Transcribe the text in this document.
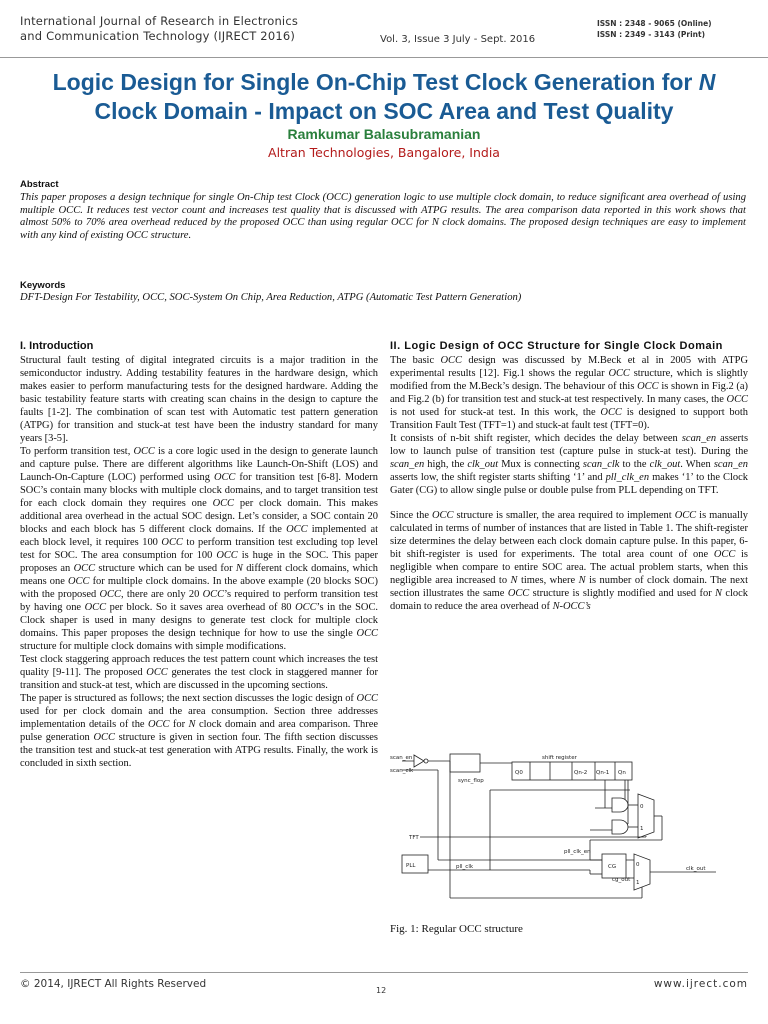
International Journal of Research in Electronics
and Communication Technology (IJRECT 2016)	Vol. 3, Issue 3 July - Sept. 2016
ISSN : 2348 - 9065 (Online)
ISSN : 2349 - 3143 (Print)
Logic Design for Single On-Chip Test Clock Generation for N
Clock Domain - Impact on SOC Area and Test Quality
Ramkumar Balasubramanian
Altran Technologies, Bangalore, India
Abstract
This paper proposes a design technique for single On-Chip test Clock (OCC) generation logic to use multiple clock domain, to reduce significant area overhead of using multiple OCC. It reduces test vector count and increases test quality that is discussed with ATPG results. The area comparison data reported in this work shows that almost 50% to 70% area overhead reduced by the proposed OCC than using regular OCC for N clock domains. The proposed design techniques are easy to implement with any kind of existing OCC structure.
Keywords
DFT-Design For Testability, OCC, SOC-System On Chip, Area Reduction, ATPG (Automatic Test Pattern Generation)
I. Introduction

Structural fault testing of digital integrated circuits is a major tradition in the semiconductor industry. Adding testability features in the hardware design, which makes easier to perform manufacturing tests for the designed hardware. Adding the basic testability feature starts with creating scan chains in the design to capture the faults [1-2]. The combination of scan test with Automatic test pattern generation (ATPG) for transition and stuck-at test have been the industry standard for many years [3-5].

To perform transition test, OCC is a core logic used in the design to generate launch and capture pulse. There are different algorithms like Launch-On-Shift (LOS) and Launch-On-Capture (LOC) performed using OCC for transition test [6-8]. Modern SOC’s contain many blocks with multiple clock domains, and to target transition test for each clock domain they requires one OCC per clock domain. This makes additional area overhead in the actual SOC design. Let’s consider, a SOC contain 20 blocks and each block has 5 different clock domains. If the OCC implemented at each block level, it requires 100 OCC to perform transition test excluding top level test for SOC. The area consumption for 100 OCC is huge in the SOC. This paper proposes an OCC structure which can be used for N different clock domains, which means one OCC for multiple clock domains. In the above example (20 blocks SOC) with the proposed OCC, there are only 20 OCC’s required to perform transition test by having one OCC per block. So it saves area overhead of 80 OCC’s in the SOC. Clock shaper is used in many designs to generate test clock for multiple clock domains. This paper proposes the design technique for how to use the single OCC structure for multiple clock domains with simple modifications.

Test clock staggering approach reduces the test pattern count which increases the test quality [9-11]. The proposed OCC generates the test clock in staggered manner for transition and stuck-at test, which are discussed in the upcoming sections.

The paper is structured as follows; the next section discusses the logic design of OCC used for per clock domain and the area consumption. Section three addresses implementation details of the OCC for N clock domain and area comparison. Three pulse generation OCC structure is given in section four. The fifth section discusses the transition test and stuck-at test generation with ATPG results. Finally, the work is concluded in sixth section.

II. Logic Design of OCC Structure for Single Clock Domain

The basic OCC design was discussed by M.Beck et al in 2005 with ATPG experimental results [12]. Fig.1 shows the regular OCC structure, which is slightly modified from the M.Beck’s design. The behaviour of this OCC is shown in Fig.2 (a) and Fig.2 (b) for transition test and stuck-at test respectively. In many cases, the OCC is not used for stuck-at test. In this work, the OCC is designed to support both Transition Fault Test (TFT=1) and stuck-at fault test (TFT=0).

It consists of n-bit shift register, which decides the delay between scan_en asserts low to launch pulse of transition test (capture pulse in stuck-at test). During the scan_en high, the clk_out Mux is connecting scan_clk to the clk_out. When scan_en asserts low, the shift register starts shifting ‘1’ and pll_clk_en makes ‘1’ to the Clock Gater (CG) to allow single pulse or double pulse from PLL depending on TFT.

Since the OCC structure is smaller, the area required to implement OCC is manually calculated in terms of number of instances that are listed in Table 1. The shift-register size determines the delay between each clock domain capture pulse. In this paper, 6-bit shift-register is used for experiments. The total area count of one OCC is negligible when compare to entire SOC area. The actual problem starts, when this negligible area increased to N times, where N is number of clock domain. The next section illustrates the same OCC structure is slightly modified and used for N clock domain to reduce the area overhead of N-OCC’s

scan_en
scan_clk
TFT
PLL	pll_clk
sync_flop
shift register
Q0	Qn-2 Qn-1 Qn
pll_clk_en
CG
cg_out
clk_out
0
1
0
1
Fig. 1: Regular OCC structure
© 2014, IJRECT All Rights Reserved
12
www.ijrect.com
